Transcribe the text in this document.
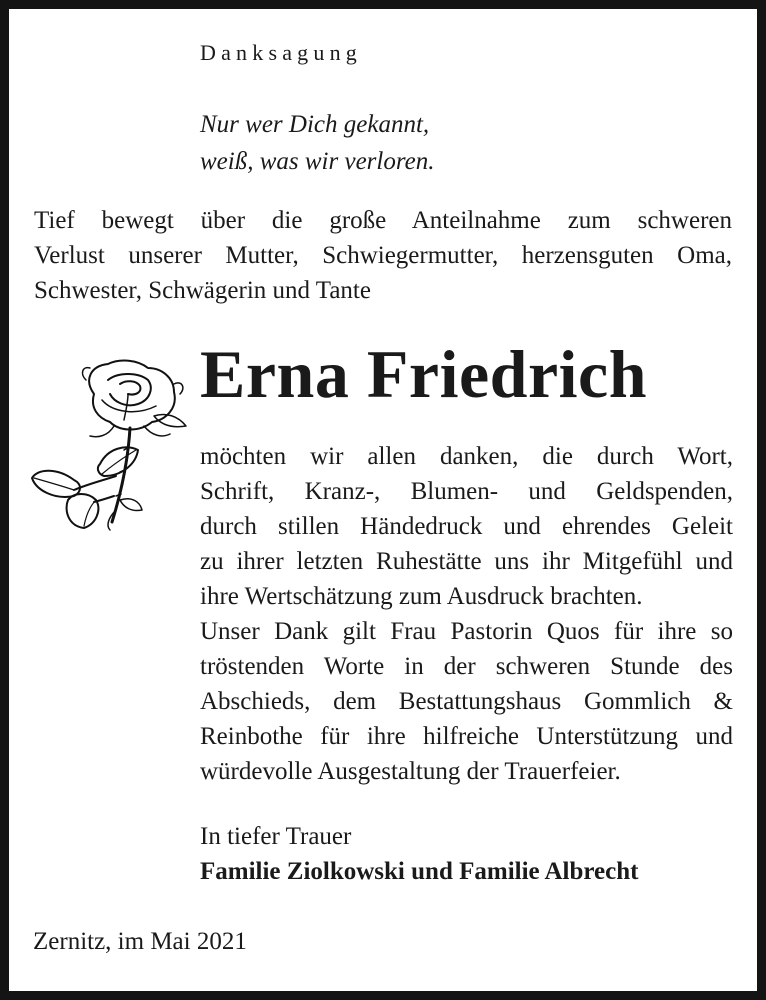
Danksagung

Nur wer Dich gekannt,
weiß, was wir verloren.
Tief bewegt über die große Anteilnahme zum schweren
Verlust unserer Mutter, Schwiegermutter, herzensguten Oma,
Schwester, Schwägerin und Tante
Erna Friedrich
möchten wir allen danken, die durch Wort,
Schrift, Kranz-, Blumen- und Geldspenden,
durch stillen Händedruck und ehrendes Geleit
zu ihrer letzten Ruhestätte uns ihr Mitgefühl und
ihre Wertschätzung zum Ausdruck brachten.
Unser Dank gilt Frau Pastorin Quos für ihre so
tröstenden Worte in der schweren Stunde des
Abschieds, dem Bestattungshaus Gommlich &
Reinbothe für ihre hilfreiche Unterstützung und
würdevolle Ausgestaltung der Trauerfeier.
In tiefer Trauer
Familie Ziolkowski und Familie Albrecht

Zernitz, im Mai 2021
